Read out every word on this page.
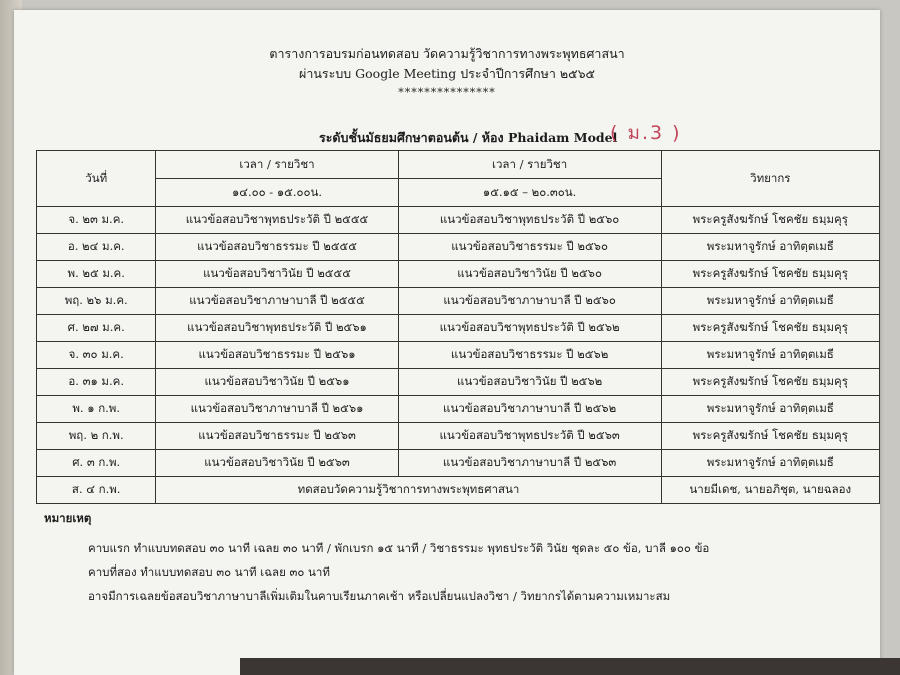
ตารางการอบรมก่อนทดสอบ วัดความรู้วิชาการทางพระพุทธศาสนา
ผ่านระบบ Google Meeting ประจำปีการศึกษา ๒๕๖๕
***************
ระดับชั้นมัธยมศึกษาตอนต้น / ห้อง Phaidam Model
( ม.3 )
วันที่	เวลา / รายวิชา	เวลา / รายวิชา	วิทยากร
	๑๔.๐๐ - ๑๕.๐๐น.	๑๕.๑๕ – ๒๐.๓๐น.	
จ. ๒๓ ม.ค.	แนวข้อสอบวิชาพุทธประวัติ ปี ๒๕๕๕	แนวข้อสอบวิชาพุทธประวัติ ปี ๒๕๖๐	พระครูสังฆรักษ์ โชคชัย ธมฺมคุรุ
อ. ๒๔ ม.ค.	แนวข้อสอบวิชาธรรมะ ปี ๒๕๕๕	แนวข้อสอบวิชาธรรมะ ปี ๒๕๖๐	พระมหาจูรักษ์ อาทิตฺตเมธี
พ. ๒๕ ม.ค.	แนวข้อสอบวิชาวินัย ปี ๒๕๕๕	แนวข้อสอบวิชาวินัย ปี ๒๕๖๐	พระครูสังฆรักษ์ โชคชัย ธมฺมคุรุ
พฤ. ๒๖ ม.ค.	แนวข้อสอบวิชาภาษาบาลี ปี ๒๕๕๕	แนวข้อสอบวิชาภาษาบาลี ปี ๒๕๖๐	พระมหาจูรักษ์ อาทิตฺตเมธี
ศ. ๒๗ ม.ค.	แนวข้อสอบวิชาพุทธประวัติ ปี ๒๕๖๑	แนวข้อสอบวิชาพุทธประวัติ ปี ๒๕๖๒	พระครูสังฆรักษ์ โชคชัย ธมฺมคุรุ
จ. ๓๐ ม.ค.	แนวข้อสอบวิชาธรรมะ ปี ๒๕๖๑	แนวข้อสอบวิชาธรรมะ ปี ๒๕๖๒	พระมหาจูรักษ์ อาทิตฺตเมธี
อ. ๓๑ ม.ค.	แนวข้อสอบวิชาวินัย ปี ๒๕๖๑	แนวข้อสอบวิชาวินัย ปี ๒๕๖๒	พระครูสังฆรักษ์ โชคชัย ธมฺมคุรุ
พ. ๑ ก.พ.	แนวข้อสอบวิชาภาษาบาลี ปี ๒๕๖๑	แนวข้อสอบวิชาภาษาบาลี ปี ๒๕๖๒	พระมหาจูรักษ์ อาทิตฺตเมธี
พฤ. ๒ ก.พ.	แนวข้อสอบวิชาธรรมะ ปี ๒๕๖๓	แนวข้อสอบวิชาพุทธประวัติ ปี ๒๕๖๓	พระครูสังฆรักษ์ โชคชัย ธมฺมคุรุ
ศ. ๓ ก.พ.	แนวข้อสอบวิชาวินัย ปี ๒๕๖๓	แนวข้อสอบวิชาภาษาบาลี ปี ๒๕๖๓	พระมหาจูรักษ์ อาทิตฺตเมธี
ส. ๔ ก.พ.	ทดสอบวัดความรู้วิชาการทางพระพุทธศาสนา		นายมีเดช, นายอภิชุต, นายฉลอง
หมายเหตุ
คาบแรก ทำแบบทดสอบ ๓๐ นาที เฉลย ๓๐ นาที / พักเบรก ๑๕ นาที / วิชาธรรมะ พุทธประวัติ วินัย ชุดละ ๕๐ ข้อ, บาลี ๑๐๐ ข้อ
คาบที่สอง ทำแบบทดสอบ ๓๐ นาที เฉลย ๓๐ นาที
อาจมีการเฉลยข้อสอบวิชาภาษาบาลีเพิ่มเติมในคาบเรียนภาคเช้า หรือเปลี่ยนแปลงวิชา / วิทยากรได้ตามความเหมาะสม
